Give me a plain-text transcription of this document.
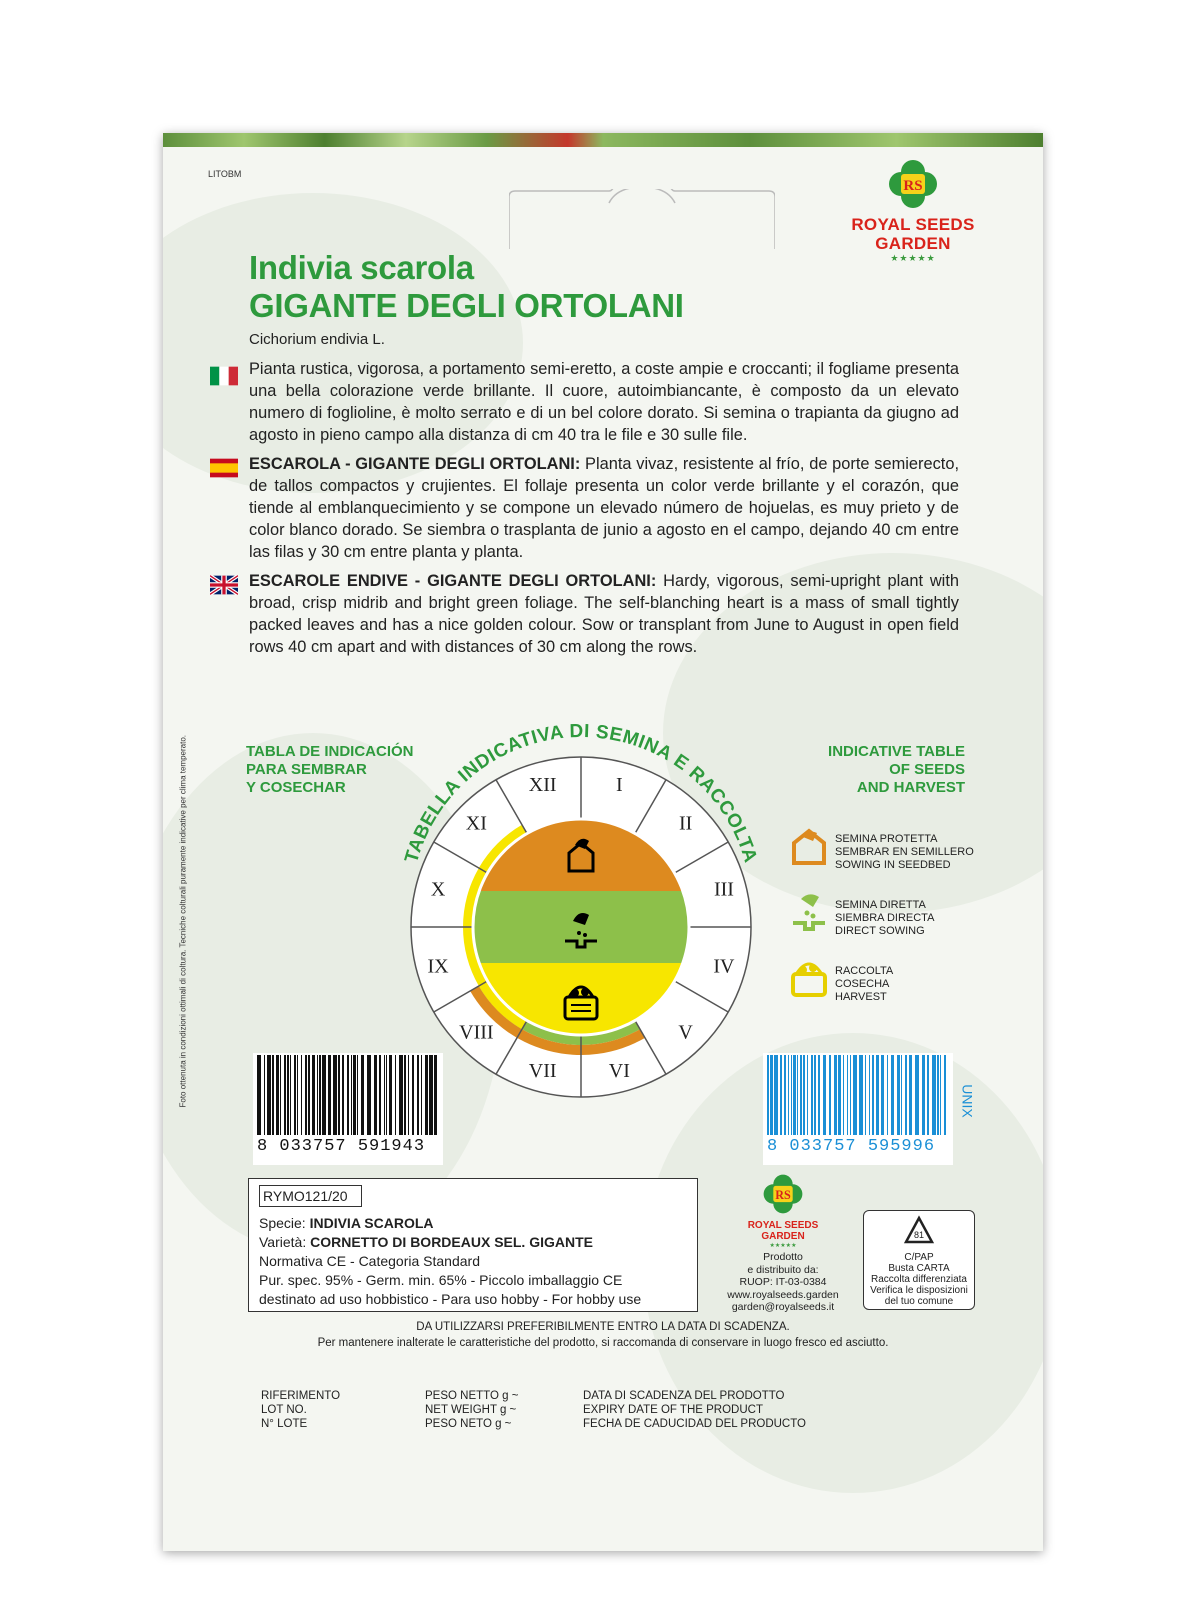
Foto ottenuta in condizioni ottimali di coltura. Tecniche colturali puramente indicative per clima temperato.
LITOBM
RS
ROYAL SEEDS
GARDEN
★★★★★
Indivia scarola
GIGANTE DEGLI ORTOLANI
Cichorium endivia L.
Pianta rustica, vigorosa, a portamento semi-eretto, a coste ampie e croccanti; il fogliame presenta una bella colorazione verde brillante. Il cuore, autoimbiancante, è composto da un elevato numero di foglioline, è molto serrato e di un bel colore dorato. Si semina o trapianta da giugno ad agosto in pieno campo alla distanza di cm 40 tra le file e 30 sulle file.
ESCAROLA - GIGANTE DEGLI ORTOLANI: Planta vivaz, resistente al frío, de porte semierecto, de tallos compactos y crujientes. El follaje presenta un color verde brillante y el corazón, que tiende al emblanquecimiento y se compone un elevado número de hojuelas, es muy prieto y de color blanco dorado. Se siembra o trasplanta de junio a agosto en el campo, dejando 40 cm entre las filas y 30 cm entre planta y planta.
ESCAROLE ENDIVE - GIGANTE DEGLI ORTOLANI: Hardy, vigorous, semi-upright plant with broad, crisp midrib and bright green foliage. The self-blanching heart is a mass of small tightly packed leaves and has a nice golden colour. Sow or transplant from June to August in open field rows 40 cm apart and with distances of 30 cm along the rows.
TABLA DE INDICACIÓN
PARA SEMBRAR
Y COSECHAR
INDICATIVE TABLE
OF SEEDS
AND HARVEST
TABELLA INDICATIVA DI SEMINA E RACCOLTA
I
II
III
IV
V
VI
VII
VIII
IX
X
XI
XII
SEMINA PROTETTA
SEMBRAR EN SEMILLERO
SOWING IN SEEDBED
SEMINA DIRETTA
SIEMBRA DIRECTA
DIRECT SOWING
RACCOLTA
COSECHA
HARVEST
8 033757 591943	8 033757 595996
UNIX
RYMO121/20
Specie: INDIVIA SCAROLA
Varietà: CORNETTO DI BORDEAUX SEL. GIGANTE
Normativa CE - Categoria Standard
Pur. spec. 95% - Germ. min. 65% - Piccolo imballaggio CE
destinato ad uso hobbistico - Para uso hobby - For hobby use
RS
ROYAL SEEDS
GARDEN
★★★★★
Prodotto
e distribuito da:
RUOP: IT-03-0384
www.royalseeds.garden
garden@royalseeds.it
81
C/PAP
Busta CARTA
Raccolta differenziata
Verifica le disposizioni
del tuo comune
DA UTILIZZARSI PREFERIBILMENTE ENTRO LA DATA DI SCADENZA.
Per mantenere inalterate le caratteristiche del prodotto, si raccomanda di conservare in luogo fresco ed asciutto.
RIFERIMENTO
LOT NO.
N° LOTE
PESO NETTO g ~
NET WEIGHT g ~
PESO NETO g ~
DATA DI SCADENZA DEL PRODOTTO
EXPIRY DATE OF THE PRODUCT
FECHA DE CADUCIDAD DEL PRODUCTO
